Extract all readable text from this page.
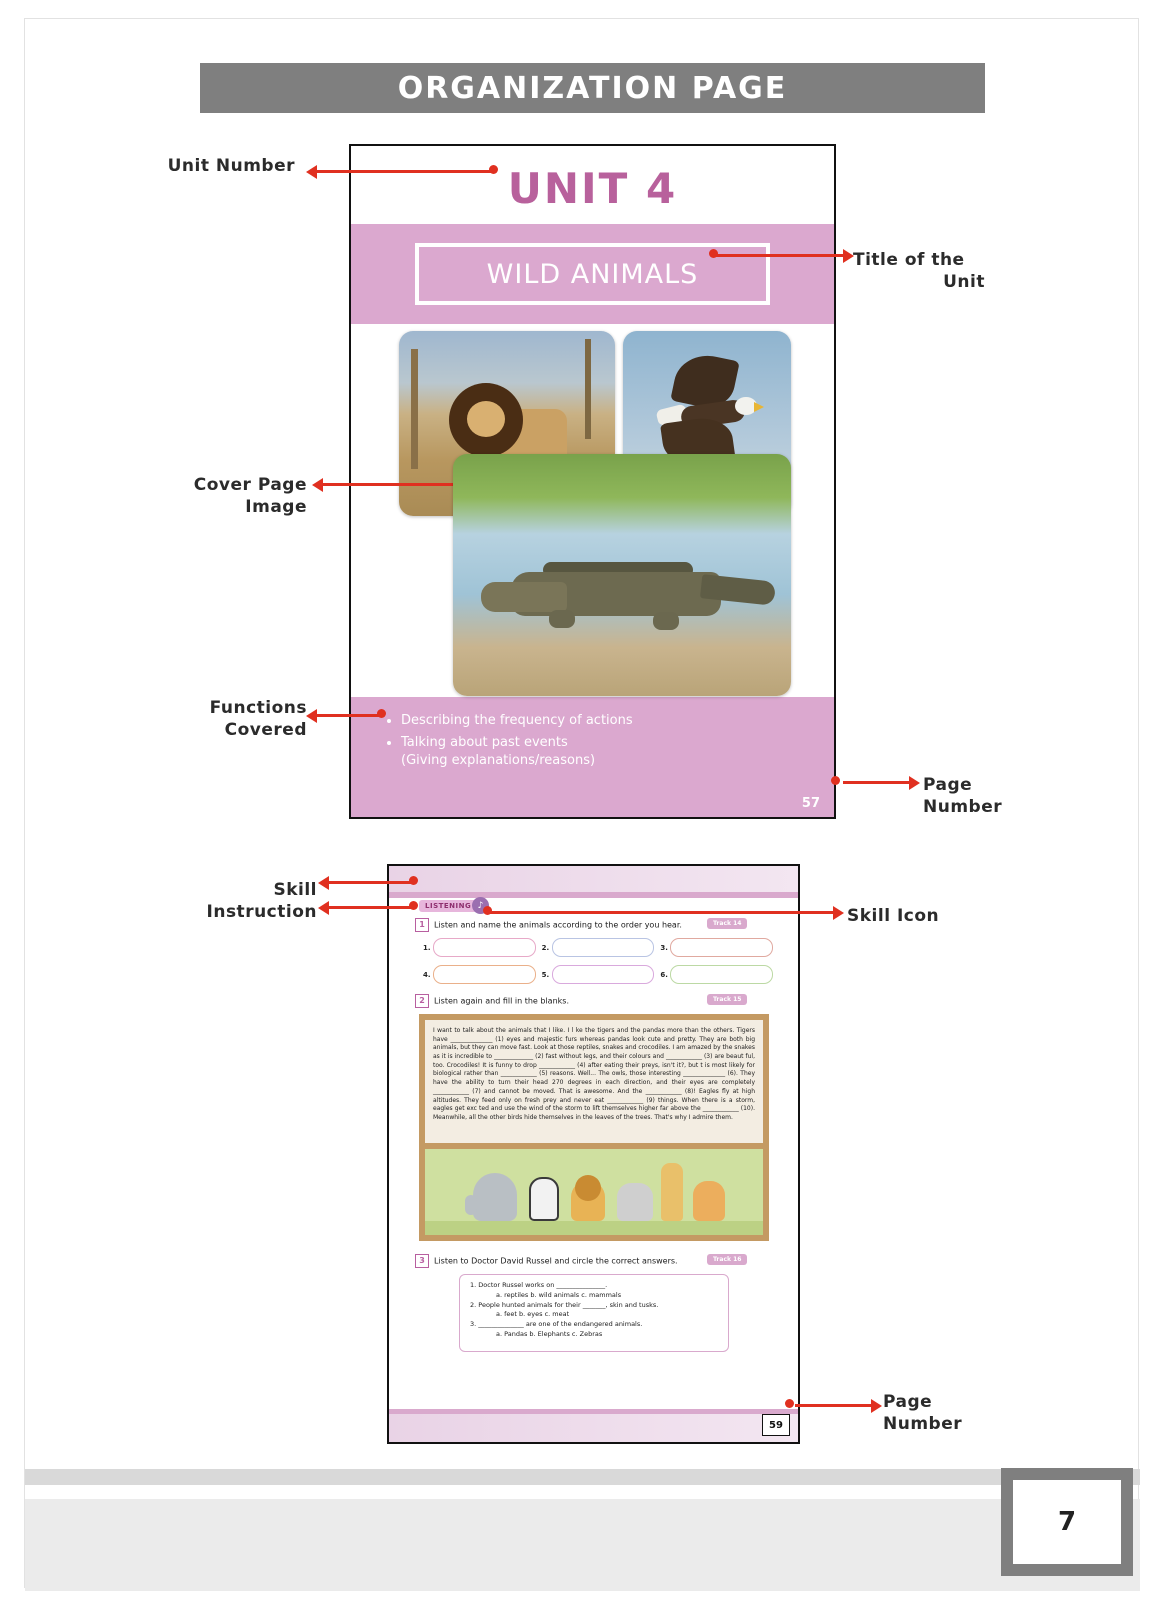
ORGANIZATION PAGE
UNIT 4
WILD ANIMALS
• Describing the frequency of actions
• Talking about past events
(Giving explanations/reasons)
57
LISTENING ♪
1 Listen and name the animals according to the order you hear.	Track 14
1.	2.	3.
4.	5.	6.
2 Listen again and fill in the blanks.	Track 15
I want to talk about the animals that I like. I l ke the tigers and the pandas more than the others. Tigers have ______________ (1) eyes and majestic furs whereas pandas look cute and pretty. They are both big animals, but they can move fast. Look at those reptiles, snakes and crocodiles. I am amazed by the snakes as it is incredible to _____________ (2) fast without legs, and their colours and ____________ (3) are beaut ful, too. Crocodiles! It is funny to drop ____________ (4) after eating their preys, isn't it?, but t is most likely for biological rather than ____________ (5) reasons. Well... The owls, those interesting ______________ (6). They have the ability to turn their head 270 degrees in each direction, and their eyes are completely ____________ (7) and cannot be moved. That is awesome. And the ____________ (8)! Eagles fly at high altitudes. They feed only on fresh prey and never eat ____________ (9) things. When there is a storm, eagles get exc ted and use the wind of the storm to lift themselves higher far above the ____________ (10). Meanwhile, all the other birds hide themselves in the leaves of the trees. That's why I admire them.
3 Listen to Doctor David Russel and circle the correct answers.	Track 16
1. Doctor Russel works on _______________.
a. reptiles b. wild animals c. mammals
2. People hunted animals for their _______, skin and tusks.
a. feet b. eyes c. meat
3. ______________ are one of the endangered animals.
a. Pandas b. Elephants c. Zebras
59
Unit Number
Title of the
Unit
Cover Page
Image
Functions
Covered
Page
Number
Skill
Instruction	Skill Icon
Page
Number
7
